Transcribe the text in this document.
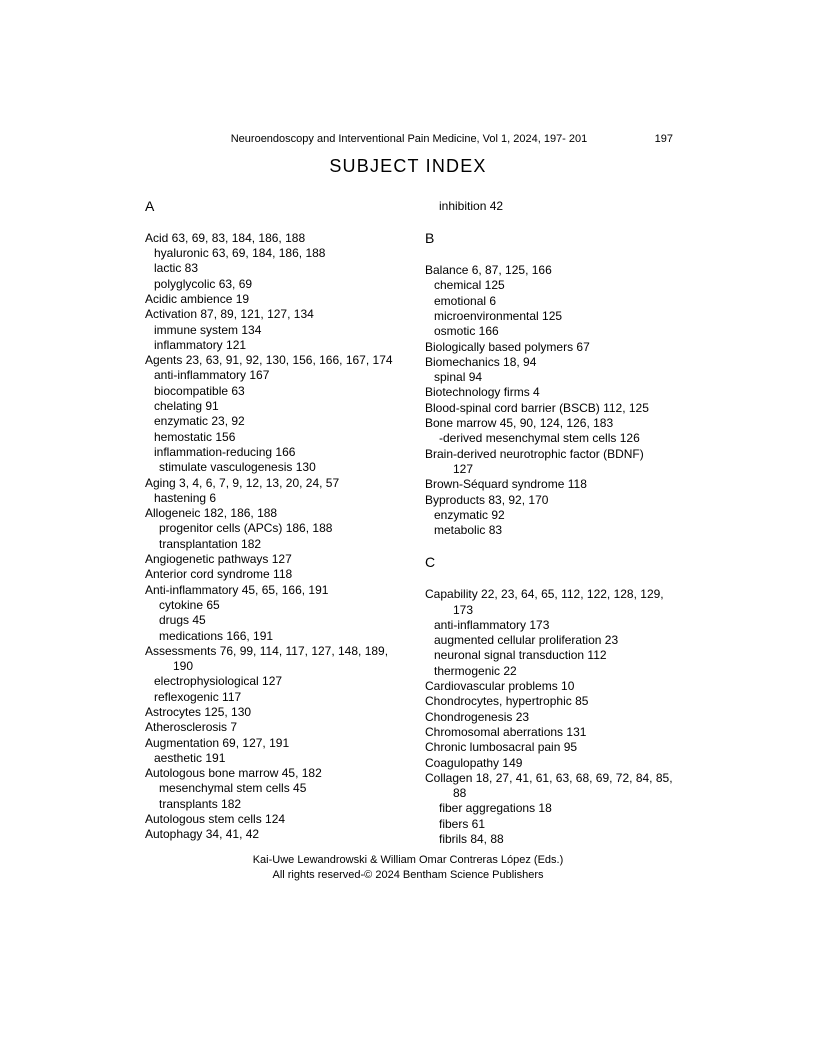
Neuroendoscopy and Interventional Pain Medicine, Vol 1, 2024, 197- 201	197
SUBJECT INDEX
A
Acid 63, 69, 83, 184, 186, 188
hyaluronic 63, 69, 184, 186, 188
lactic 83
polyglycolic 63, 69
Acidic ambience 19
Activation 87, 89, 121, 127, 134
immune system 134
inflammatory 121
Agents 23, 63, 91, 92, 130, 156, 166, 167, 174
anti-inflammatory 167
biocompatible 63
chelating 91
enzymatic 23, 92
hemostatic 156
inflammation-reducing 166
stimulate vasculogenesis 130
Aging 3, 4, 6, 7, 9, 12, 13, 20, 24, 57
hastening 6
Allogeneic 182, 186, 188
progenitor cells (APCs) 186, 188
transplantation 182
Angiogenetic pathways 127
Anterior cord syndrome 118
Anti-inflammatory 45, 65, 166, 191
cytokine 65
drugs 45
medications 166, 191
Assessments 76, 99, 114, 117, 127, 148, 189,
190
electrophysiological 127
reflexogenic 117
Astrocytes 125, 130
Atherosclerosis 7
Augmentation 69, 127, 191
aesthetic 191
Autologous bone marrow 45, 182
mesenchymal stem cells 45
transplants 182
Autologous stem cells 124
Autophagy 34, 41, 42
inhibition 42
B
Balance 6, 87, 125, 166
chemical 125
emotional 6
microenvironmental 125
osmotic 166
Biologically based polymers 67
Biomechanics 18, 94
spinal 94
Biotechnology firms 4
Blood-spinal cord barrier (BSCB) 112, 125
Bone marrow 45, 90, 124, 126, 183
-derived mesenchymal stem cells 126
Brain-derived neurotrophic factor (BDNF)
127
Brown-Séquard syndrome 118
Byproducts 83, 92, 170
enzymatic 92
metabolic 83
C
Capability 22, 23, 64, 65, 112, 122, 128, 129,
173
anti-inflammatory 173
augmented cellular proliferation 23
neuronal signal transduction 112
thermogenic 22
Cardiovascular problems 10
Chondrocytes, hypertrophic 85
Chondrogenesis 23
Chromosomal aberrations 131
Chronic lumbosacral pain 95
Coagulopathy 149
Collagen 18, 27, 41, 61, 63, 68, 69, 72, 84, 85,
88
fiber aggregations 18
fibers 61
fibrils 84, 88
Kai-Uwe Lewandrowski & William Omar Contreras López (Eds.)
All rights reserved-© 2024 Bentham Science Publishers
